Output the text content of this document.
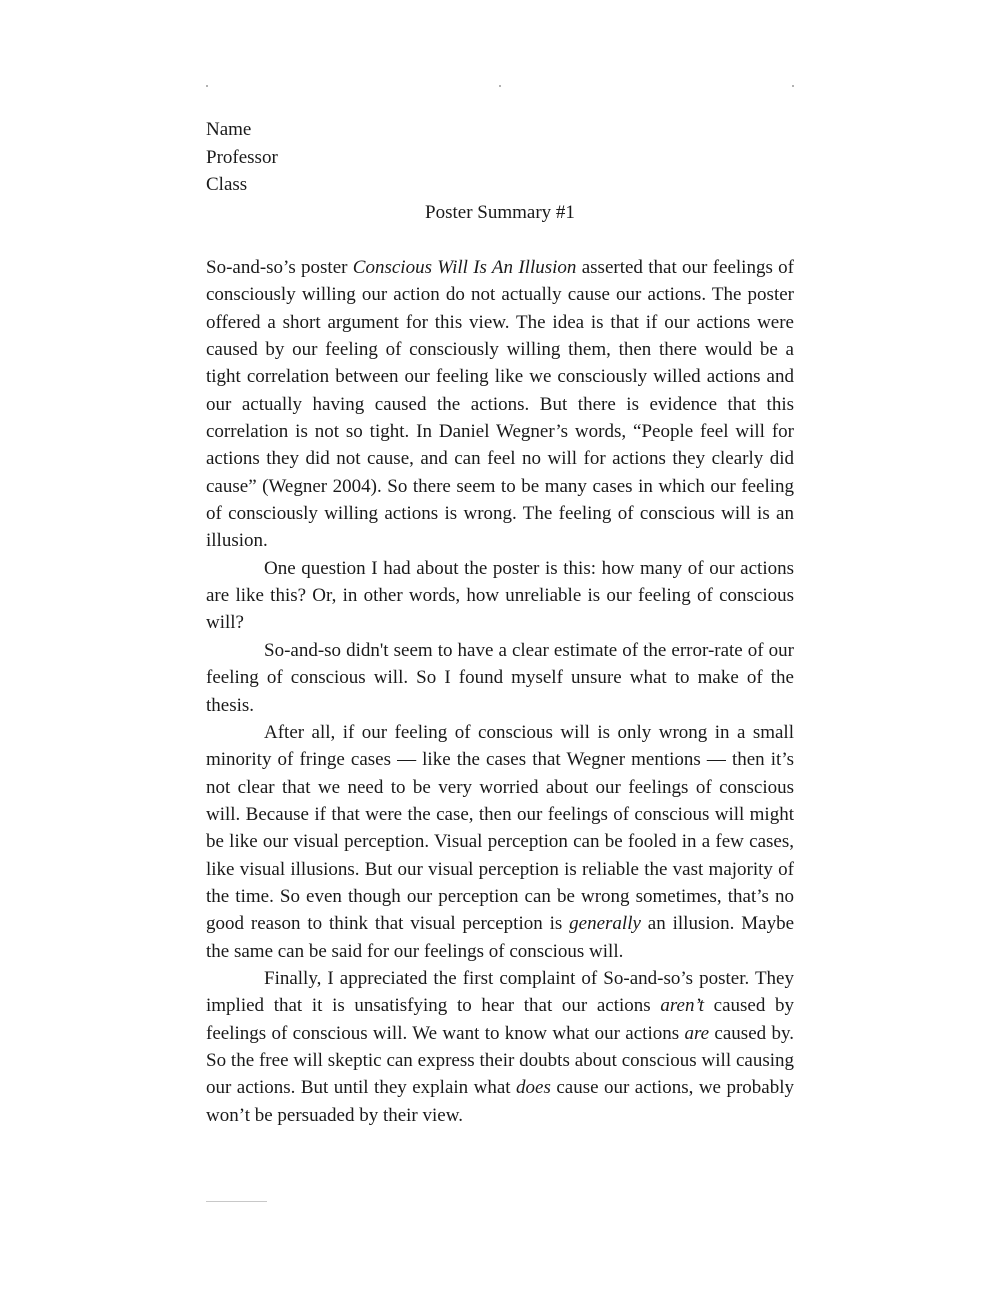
Name
Professor
Class
Poster Summary #1

So-and-so’s poster Conscious Will Is An Illusion asserted that our feelings of consciously willing our action do not actually cause our actions. The poster offered a short argument for this view. The idea is that if our actions were caused by our feeling of consciously willing them, then there would be a tight correlation between our feeling like we consciously willed actions and our actually having caused the actions. But there is evidence that this correlation is not so tight. In Daniel Wegner’s words, “People feel will for actions they did not cause, and can feel no will for actions they clearly did cause” (Wegner 2004). So there seem to be many cases in which our feeling of consciously willing actions is wrong. The feeling of conscious will is an illusion.

One question I had about the poster is this: how many of our actions are like this? Or, in other words, how unreliable is our feeling of conscious will?

So-and-so didn't seem to have a clear estimate of the error-rate of our feeling of conscious will. So I found myself unsure what to make of the thesis.

After all, if our feeling of conscious will is only wrong in a small minority of fringe cases — like the cases that Wegner mentions — then it’s not clear that we need to be very worried about our feelings of conscious will. Because if that were the case, then our feelings of conscious will might be like our visual perception. Visual perception can be fooled in a few cases, like visual illusions. But our visual perception is reliable the vast majority of the time. So even though our perception can be wrong sometimes, that’s no good reason to think that visual perception is generally an illusion. Maybe the same can be said for our feelings of conscious will.

Finally, I appreciated the first complaint of So-and-so’s poster. They implied that it is unsatisfying to hear that our actions aren’t caused by feelings of conscious will. We want to know what our actions are caused by. So the free will skeptic can express their doubts about conscious will causing our actions. But until they explain what does cause our actions, we probably won’t be persuaded by their view.
